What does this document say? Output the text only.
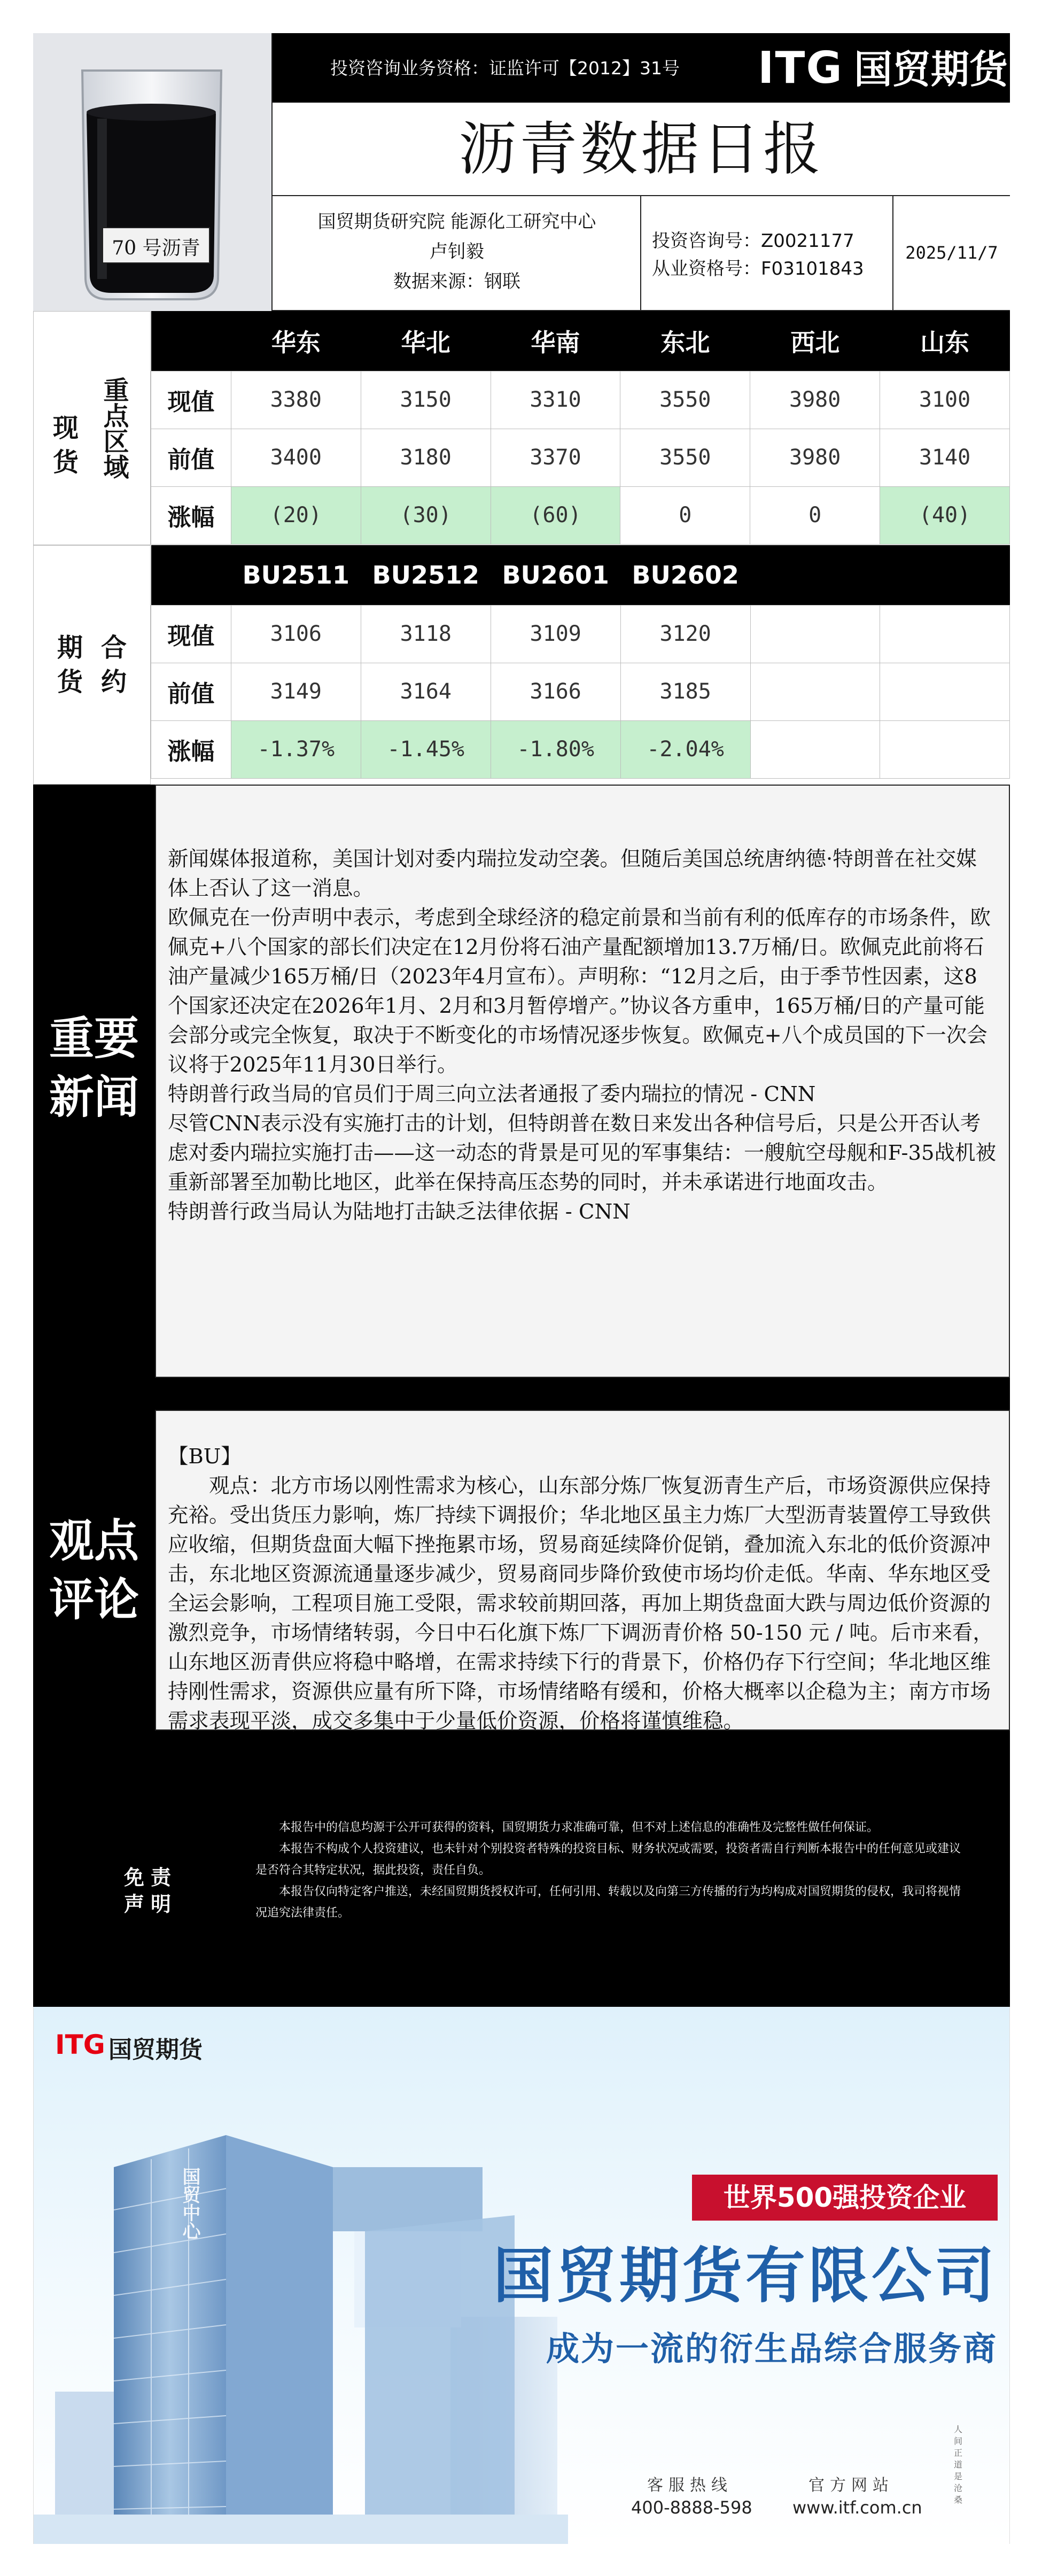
70 号沥青
投资咨询业务资格：证监许可【2012】31号 ITG 国贸期货
沥青数据日报
国贸期货研究院 能源化工研究中心
卢钊毅
数据来源：钢联
投资咨询号：Z0021177
从业资格号：F03101843
2025/11/7
现
货
重点
区域
	华东	华北	华南	东北	西北	山东
现值	3380	3150	3310	3550	3980	3100
前值	3400	3180	3370	3550	3980	3140
涨幅	(20)	(30)	(60)	0	0	(40)
期
货
合
约
	BU2511	BU2512	BU2601	BU2602		
现值	3106	3118	3109	3120		
前值	3149	3164	3166	3185		
涨幅	-1.37%	-1.45%	-1.80%	-2.04%		
重要
新闻

新闻媒体报道称，美国计划对委内瑞拉发动空袭。但随后美国总统唐纳德·特朗普在社交媒体上否认了这一消息。

欧佩克在一份声明中表示，考虑到全球经济的稳定前景和当前有利的低库存的市场条件，欧佩克+八个国家的部长们决定在12月份将石油产量配额增加13.7万桶/日。欧佩克此前将石油产量减少165万桶/日（2023年4月宣布）。声明称：“12月之后，由于季节性因素，这8个国家还决定在2026年1月、2月和3月暂停增产。”协议各方重申，165万桶/日的产量可能会部分或完全恢复，取决于不断变化的市场情况逐步恢复。欧佩克+八个成员国的下一次会议将于2025年11月30日举行。

特朗普行政当局的官员们于周三向立法者通报了委内瑞拉的情况 - CNN

尽管CNN表示没有实施打击的计划，但特朗普在数日来发出各种信号后，只是公开否认考虑对委内瑞拉实施打击——这一动态的背景是可见的军事集结：一艘航空母舰和F-35战机被重新部署至加勒比地区，此举在保持高压态势的同时，并未承诺进行地面攻击。

特朗普行政当局认为陆地打击缺乏法律依据 - CNN

观点
评论

【BU】

观点：北方市场以刚性需求为核心，山东部分炼厂恢复沥青生产后，市场资源供应保持充裕。受出货压力影响，炼厂持续下调报价；华北地区虽主力炼厂大型沥青装置停工导致供应收缩，但期货盘面大幅下挫拖累市场，贸易商延续降价促销，叠加流入东北的低价资源冲击，东北地区资源流通量逐步减少，贸易商同步降价致使市场均价走低。华南、华东地区受全运会影响，工程项目施工受限，需求较前期回落，再加上期货盘面大跌与周边低价资源的激烈竞争，市场情绪转弱，今日中石化旗下炼厂下调沥青价格 50-150 元 / 吨。后市来看，山东地区沥青供应将稳中略增，在需求持续下行的背景下，价格仍存下行空间；华北地区维持刚性需求，资源供应量有所下降，市场情绪略有缓和，价格大概率以企稳为主；南方市场需求表现平淡，成交多集中于少量低价资源，价格将谨慎维稳。

免责
声明

本报告中的信息均源于公开可获得的资料，国贸期货力求准确可靠，但不对上述信息的准确性及完整性做任何保证。

本报告不构成个人投资建议，也未针对个别投资者特殊的投资目标、财务状况或需要，投资者需自行判断本报告中的任何意见或建议是否符合其特定状况，据此投资，责任自负。

本报告仅向特定客户推送，未经国贸期货授权许可，任何引用、转载以及向第三方传播的行为均构成对国贸期货的侵权，我司将视情况追究法律责任。

ITG 国贸期货
国贸中心	世界500强投资企业
国贸期货有限公司
成为一流的衍生品综合服务商
客服热线
400-8888-598
官方网站
www.itf.com.cn
人
间
正
道
是
沧
桑
